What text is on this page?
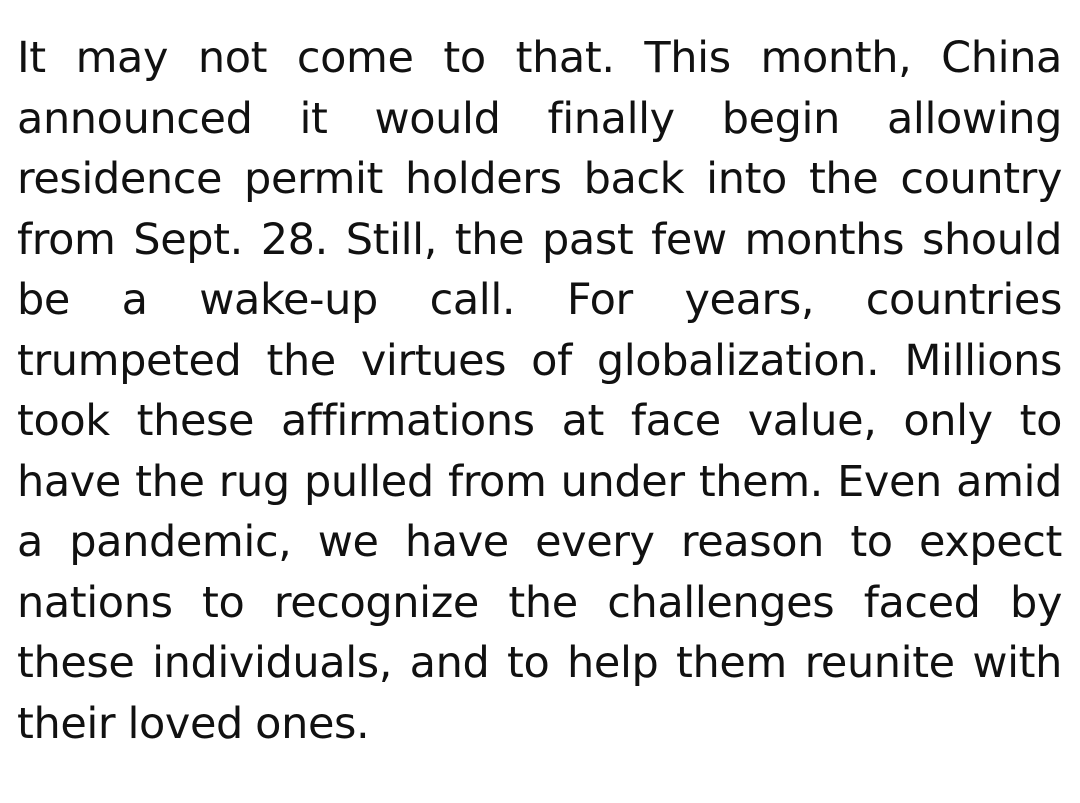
It may not come to that. This month, China announced it would finally begin allowing residence permit holders back into the country from Sept. 28. Still, the past few months should be a wake-up call. For years, countries trumpeted the virtues of globalization. Millions took these affirmations at face value, only to have the rug pulled from under them. Even amid a pandemic, we have every reason to expect nations to recognize the challenges faced by these individuals, and to help them reunite with their loved ones.
